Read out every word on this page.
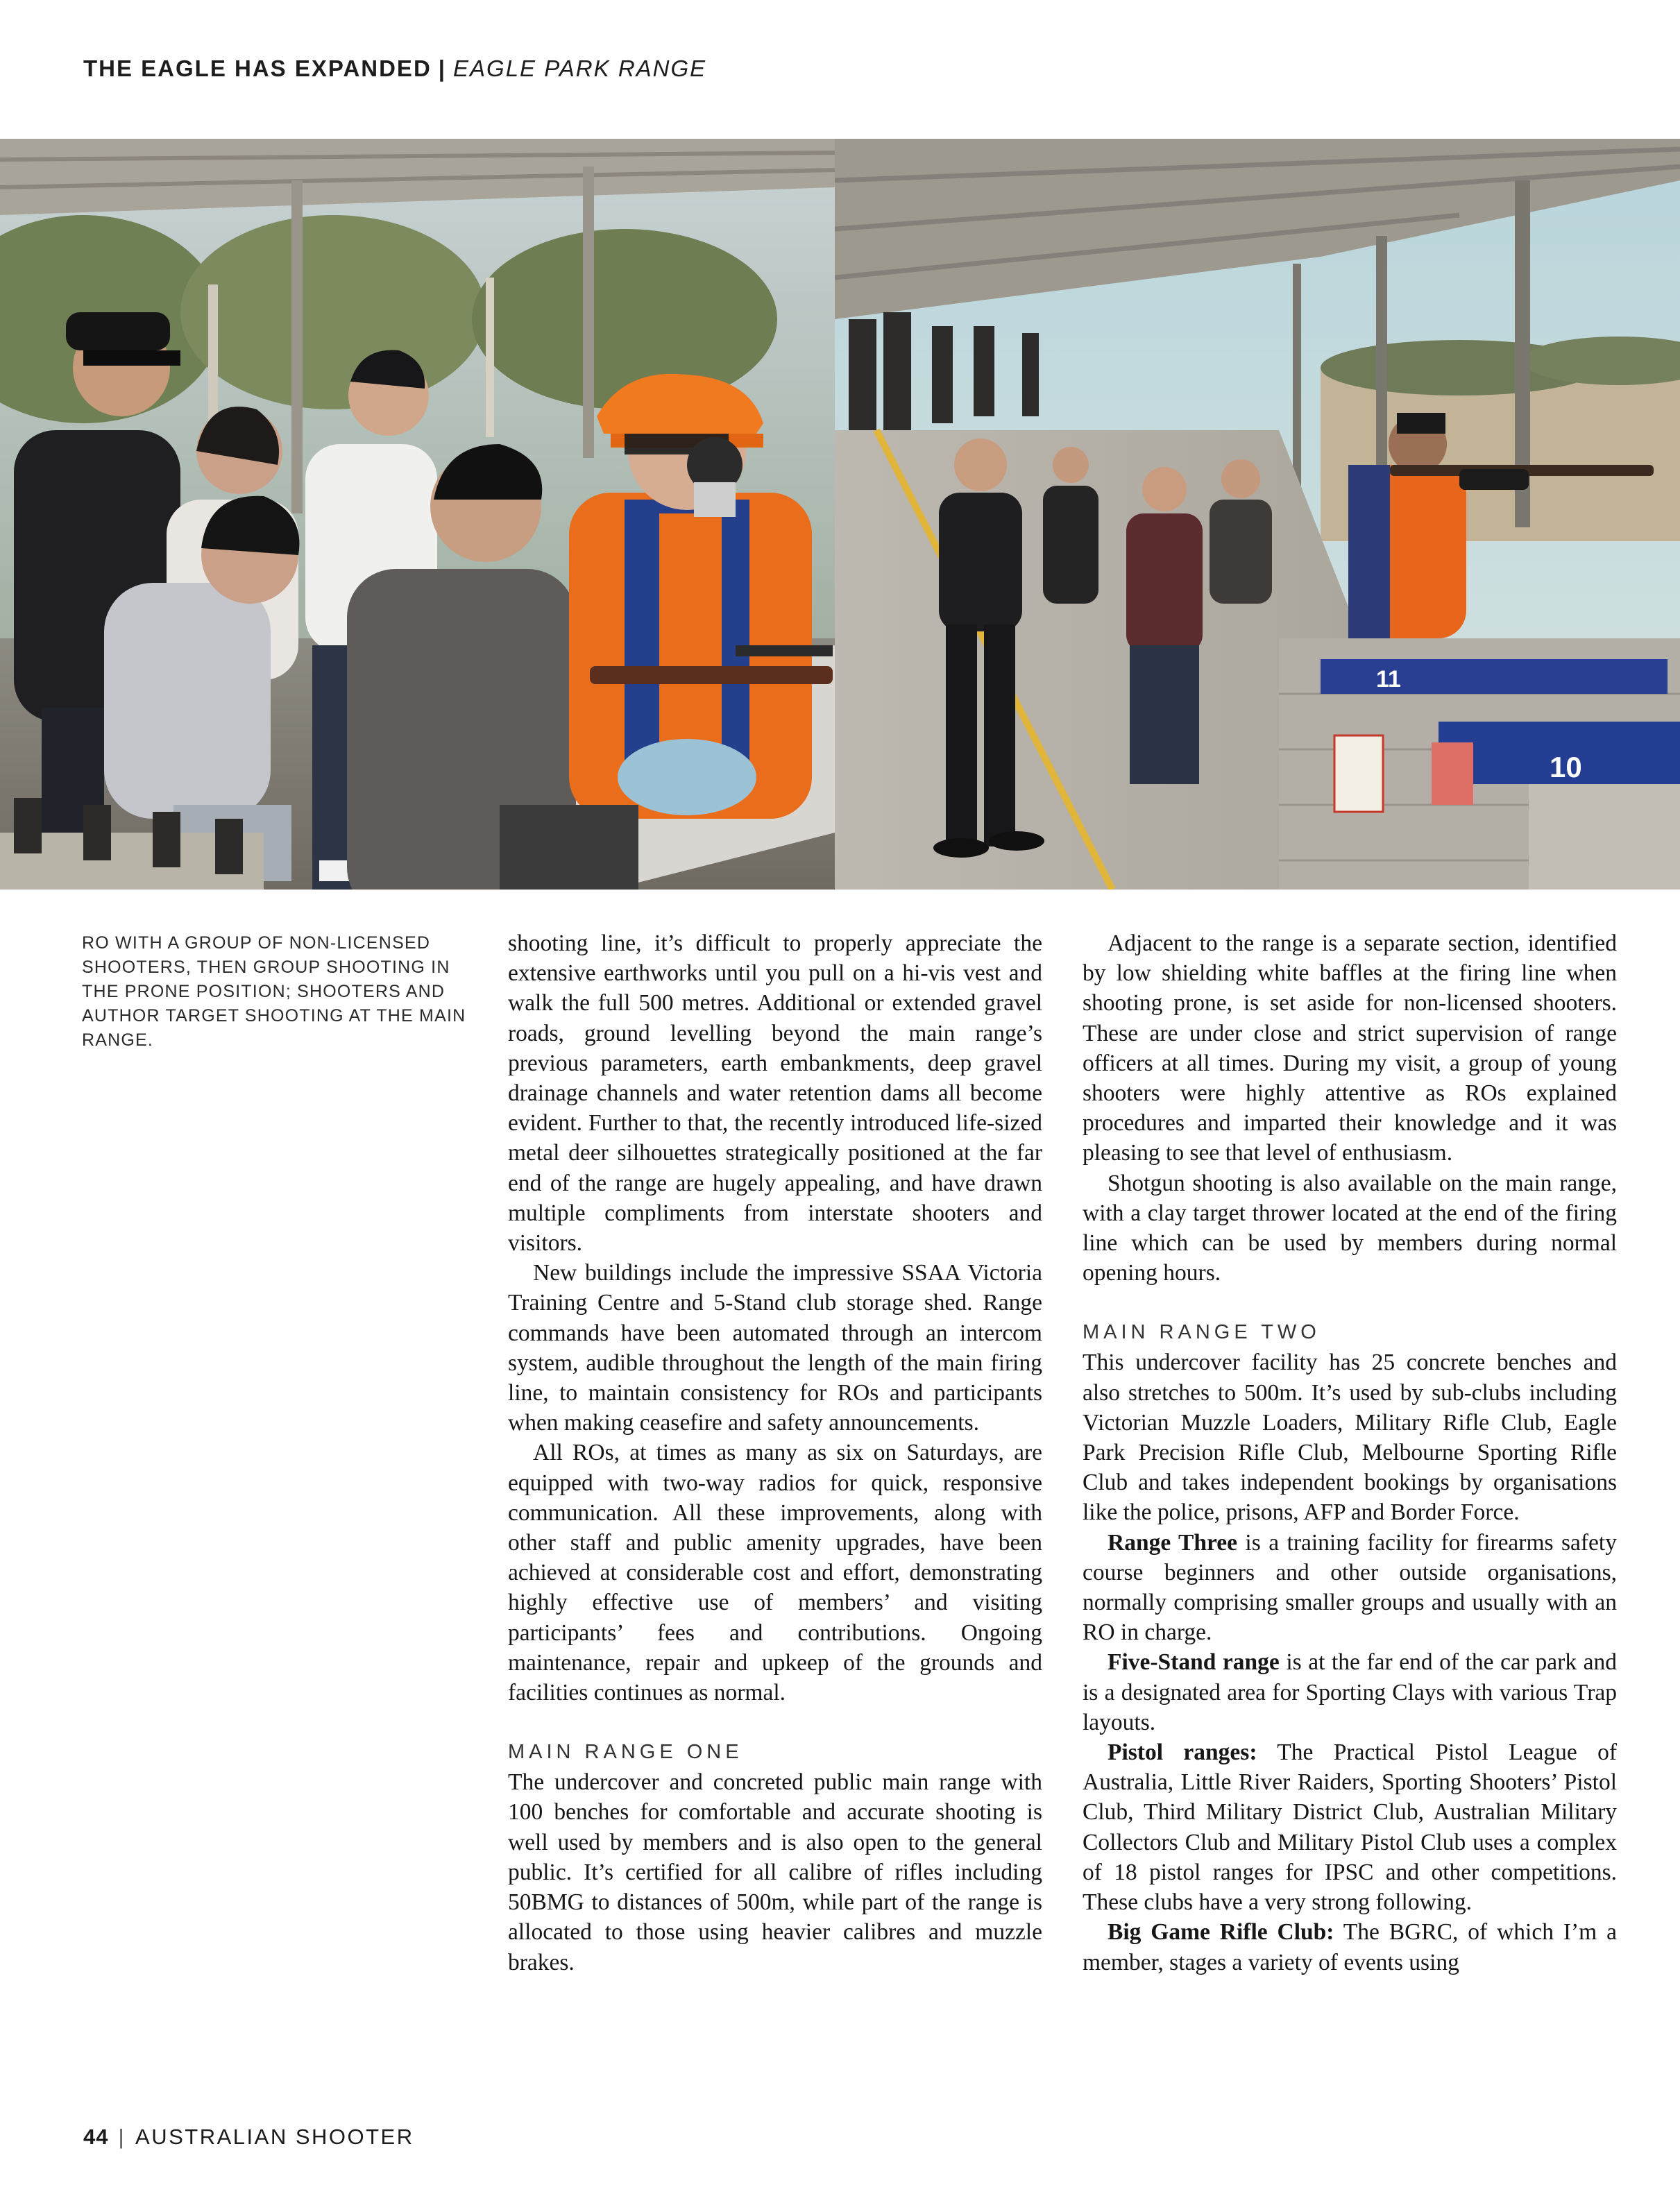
THE EAGLE HAS EXPANDED | EAGLE PARK RANGE
11
10
RO WITH A GROUP OF NON-LICENSED SHOOTERS, THEN GROUP SHOOTING IN THE PRONE POSITION; SHOOTERS AND AUTHOR TARGET SHOOTING AT THE MAIN RANGE.

shooting line, it’s difficult to properly appreciate the extensive earthworks until you pull on a hi-vis vest and walk the full 500 metres. Additional or extended gravel roads, ground levelling beyond the main range’s previous parameters, earth embankments, deep gravel drainage channels and water retention dams all become evident. Further to that, the recently introduced life-sized metal deer silhouettes strategically positioned at the far end of the range are hugely appealing, and have drawn multiple compliments from interstate shooters and visitors.

New buildings include the impressive SSAA Victoria Training Centre and 5-Stand club storage shed. Range commands have been automated through an intercom system, audible throughout the length of the main firing line, to maintain consistency for ROs and participants when making ceasefire and safety announcements.

All ROs, at times as many as six on Saturdays, are equipped with two-way radios for quick, responsive communication. All these improvements, along with other staff and public amenity upgrades, have been achieved at considerable cost and effort, demonstrating highly effective use of members’ and visiting participants’ fees and contributions. Ongoing maintenance, repair and upkeep of the grounds and facilities continues as normal.

MAIN RANGE ONE

The undercover and concreted public main range with 100 benches for comfortable and accurate shooting is well used by members and is also open to the general public. It’s certified for all calibre of rifles including 50BMG to distances of 500m, while part of the range is allocated to those using heavier calibres and muzzle brakes.

Adjacent to the range is a separate section, identified by low shielding white baffles at the firing line when shooting prone, is set aside for non-licensed shooters. These are under close and strict supervision of range officers at all times. During my visit, a group of young shooters were highly attentive as ROs explained procedures and imparted their knowledge and it was pleasing to see that level of enthusiasm.

Shotgun shooting is also available on the main range, with a clay target thrower located at the end of the firing line which can be used by members during normal opening hours.

MAIN RANGE TWO

This undercover facility has 25 concrete benches and also stretches to 500m. It’s used by sub-clubs including Victorian Muzzle Loaders, Military Rifle Club, Eagle Park Precision Rifle Club, Melbourne Sporting Rifle Club and takes independent bookings by organisations like the police, prisons, AFP and Border Force.

Range Three is a training facility for firearms safety course beginners and other outside organisations, normally comprising smaller groups and usually with an RO in charge.

Five-Stand range is at the far end of the car park and is a designated area for Sporting Clays with various Trap layouts.

Pistol ranges: The Practical Pistol League of Australia, Little River Raiders, Sporting Shooters’ Pistol Club, Third Military District Club, Australian Military Collectors Club and Military Pistol Club uses a complex of 18 pistol ranges for IPSC and other competitions. These clubs have a very strong following.

Big Game Rifle Club: The BGRC, of which I’m a member, stages a variety of events using

44 | AUSTRALIAN SHOOTER
